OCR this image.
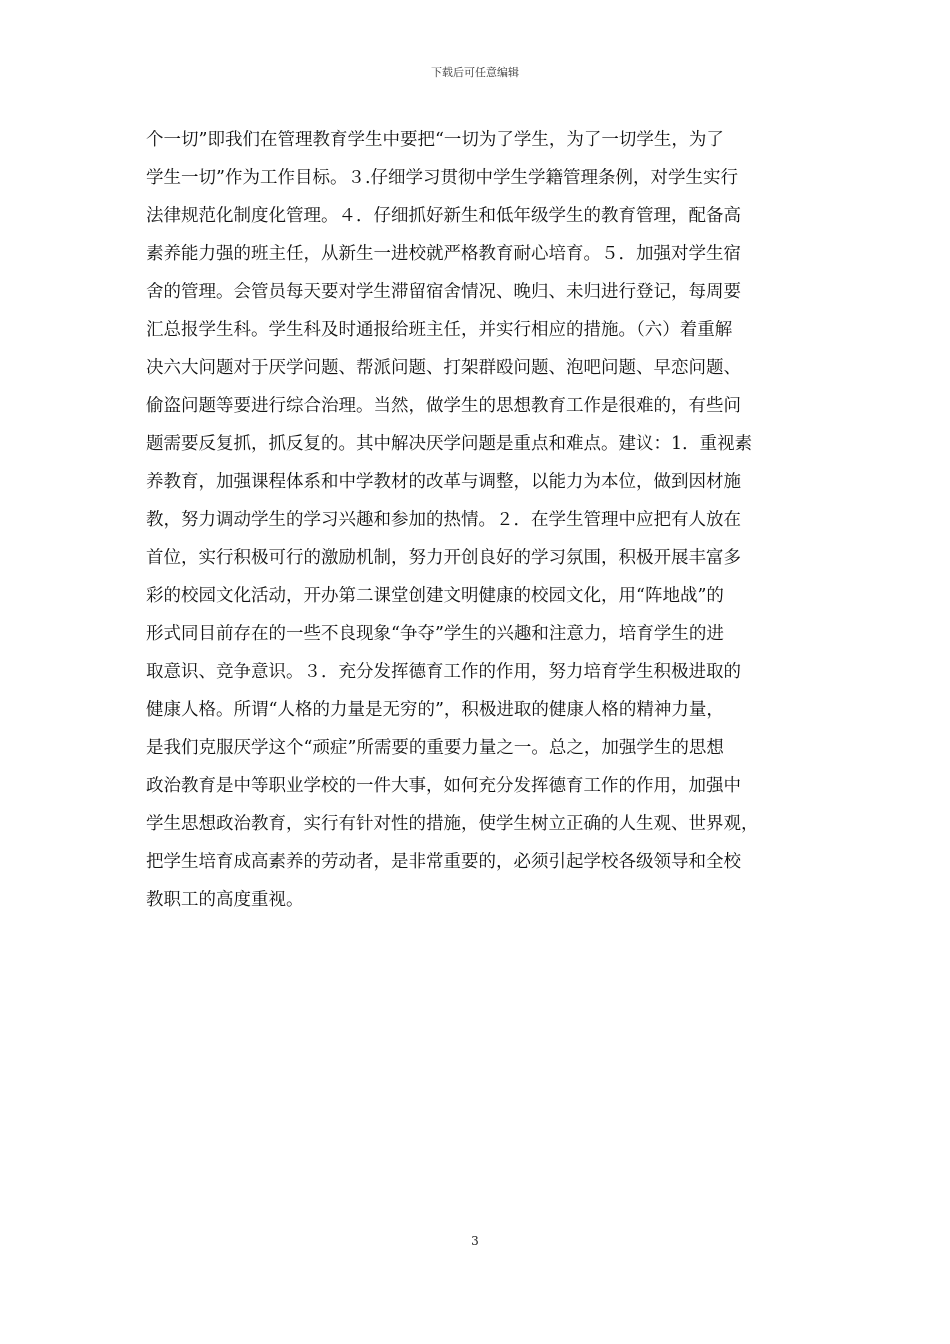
下载后可任意编辑
个一切”即我们在管理教育学生中要把“一切为了学生，为了一切学生，为了
学生一切”作为工作目标。３.仔细学习贯彻中学生学籍管理条例，对学生实行
法律规范化制度化管理。４．仔细抓好新生和低年级学生的教育管理，配备高
素养能力强的班主任，从新生一进校就严格教育耐心培育。５．加强对学生宿
舍的管理。会管员每天要对学生滞留宿舍情况、晚归、未归进行登记，每周要
汇总报学生科。学生科及时通报给班主任，并实行相应的措施。（六）着重解
决六大问题对于厌学问题、帮派问题、打架群殴问题、泡吧问题、早恋问题、
偷盗问题等要进行综合治理。当然，做学生的思想教育工作是很难的，有些问
题需要反复抓，抓反复的。其中解决厌学问题是重点和难点。建议：1．重视素
养教育，加强课程体系和中学教材的改革与调整，以能力为本位，做到因材施
教，努力调动学生的学习兴趣和参加的热情。２．在学生管理中应把有人放在
首位，实行积极可行的激励机制，努力开创良好的学习氛围，积极开展丰富多
彩的校园文化活动，开办第二课堂创建文明健康的校园文化，用“阵地战”的
形式同目前存在的一些不良现象“争夺”学生的兴趣和注意力，培育学生的进
取意识、竞争意识。３．充分发挥德育工作的作用，努力培育学生积极进取的
健康人格。所谓“人格的力量是无穷的”，积极进取的健康人格的精神力量，
是我们克服厌学这个“顽症”所需要的重要力量之一。总之，加强学生的思想
政治教育是中等职业学校的一件大事，如何充分发挥德育工作的作用，加强中
学生思想政治教育，实行有针对性的措施，使学生树立正确的人生观、世界观，
把学生培育成高素养的劳动者，是非常重要的，必须引起学校各级领导和全校
教职工的高度重视。
3
